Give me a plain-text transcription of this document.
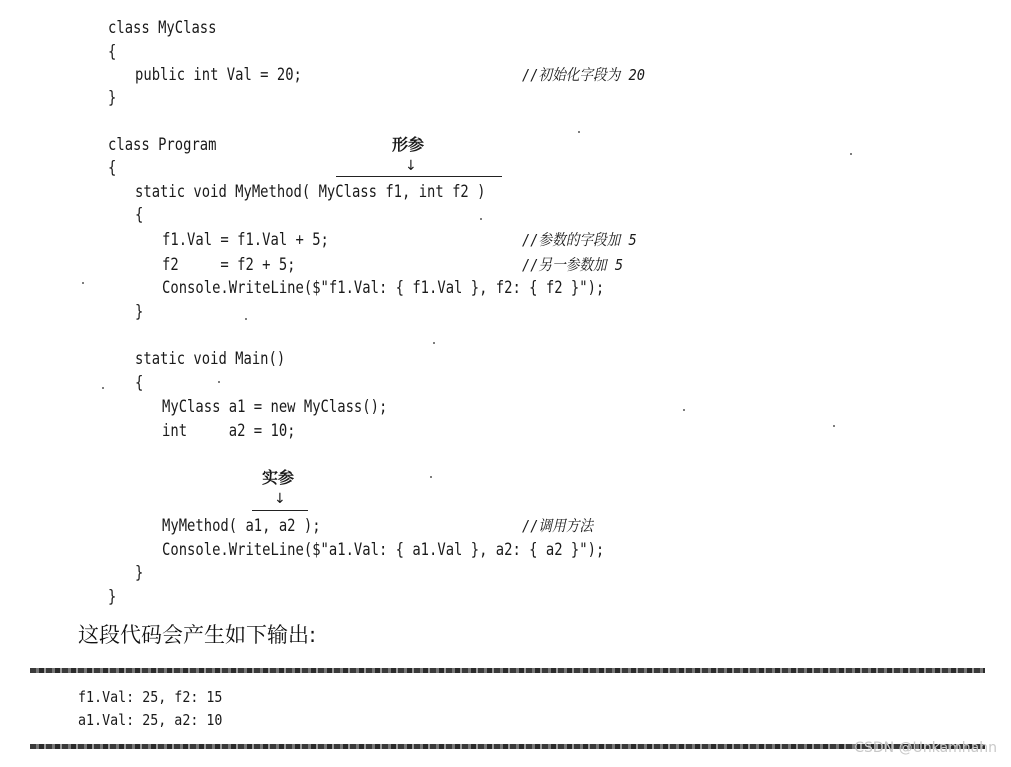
class MyClass
{
public int Val = 20;
}
class Program
{
static void MyMethod( MyClass f1, int f2 )
{
f1.Val = f1.Val + 5;
f2     = f2 + 5;
Console.WriteLine($"f1.Val: { f1.Val }, f2: { f2 }");
}
static void Main()
{
MyClass a1 = new MyClass();
int     a2 = 10;
MyMethod( a1, a2 );
Console.WriteLine($"a1.Val: { a1.Val }, a2: { a2 }");
}
}
//初始化字段为 20
//参数的字段加 5
//另一参数加 5
//调用方法
形参
↓
实参
↓
这段代码会产生如下输出:
f1.Val: 25, f2: 15
a1.Val: 25, a2: 10
CSDN @Unkamhahn
